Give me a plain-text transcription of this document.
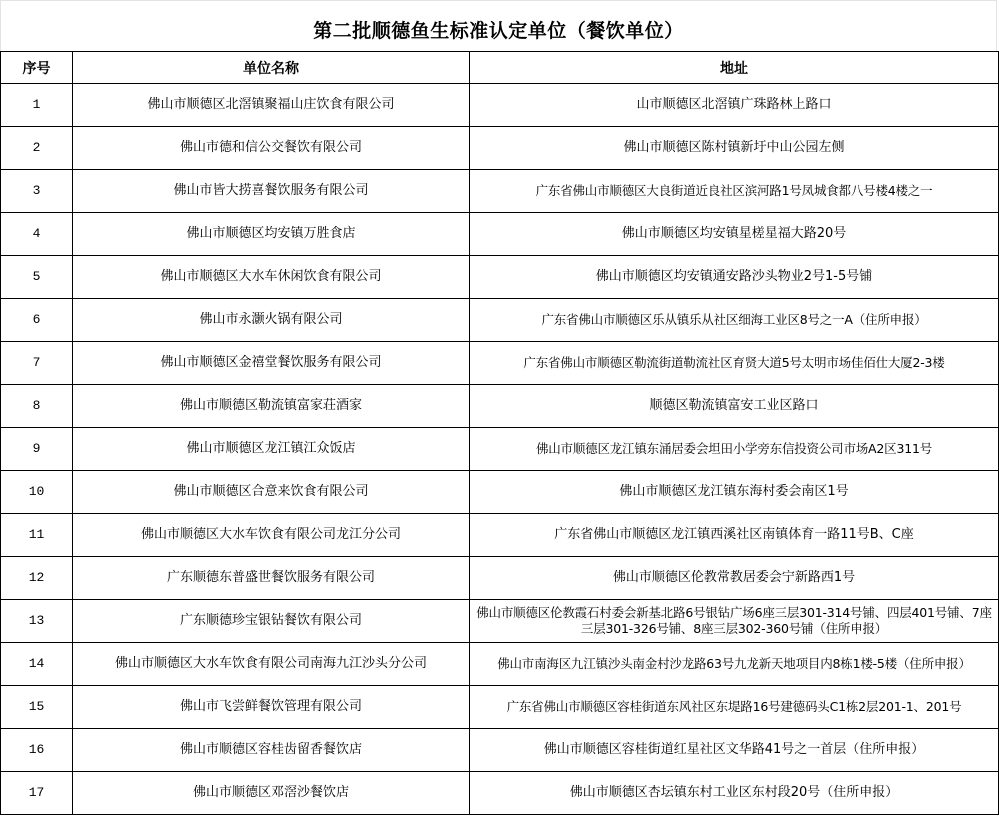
第二批顺德鱼生标准认定单位（餐饮单位）
序号	单位名称	地址
1	佛山市顺德区北滘镇聚福山庄饮食有限公司	山市顺德区北滘镇广珠路林上路口
2	佛山市德和信公交餐饮有限公司	佛山市顺德区陈村镇新圩中山公园左侧
3	佛山市皆大捞喜餐饮服务有限公司	广东省佛山市顺德区大良街道近良社区滨河路1号凤城食都八号楼4楼之一
4	佛山市顺德区均安镇万胜食店	佛山市顺德区均安镇星槎星福大路20号
5	佛山市顺德区大水车休闲饮食有限公司	佛山市顺德区均安镇通安路沙头物业2号1-5号铺
6	佛山市永灏火锅有限公司	广东省佛山市顺德区乐从镇乐从社区细海工业区8号之一A（住所申报）
7	佛山市顺德区金禧堂餐饮服务有限公司	广东省佛山市顺德区勒流街道勒流社区育贤大道5号太明市场佳佰仕大厦2-3楼
8	佛山市顺德区勒流镇富家荘酒家	顺德区勒流镇富安工业区路口
9	佛山市顺德区龙江镇江众饭店	佛山市顺德区龙江镇东涌居委会坦田小学旁东信投资公司市场A2区311号
10	佛山市顺德区合意来饮食有限公司	佛山市顺德区龙江镇东海村委会南区1号
11	佛山市顺德区大水车饮食有限公司龙江分公司	广东省佛山市顺德区龙江镇西溪社区南镇体育一路11号B、C座
12	广东顺德东普盛世餐饮服务有限公司	佛山市顺德区伦教常教居委会宁新路西1号
13	广东顺德珍宝银钻餐饮有限公司	佛山市顺德区伦教霞石村委会新基北路6号银钻广场6座三层301-314号铺、四层401号铺、7座三层301-326号铺、8座三层302-360号铺（住所申报）
14	佛山市顺德区大水车饮食有限公司南海九江沙头分公司	佛山市南海区九江镇沙头南金村沙龙路63号九龙新天地项目内8栋1楼-5楼（住所申报）
15	佛山市飞尝鲜餐饮管理有限公司	广东省佛山市顺德区容桂街道东风社区东堤路16号建德码头C1栋2层201-1、201号
16	佛山市顺德区容桂齿留香餐饮店	佛山市顺德区容桂街道红星社区文华路41号之一首层（住所申报）
17	佛山市顺德区邓滘沙餐饮店	佛山市顺德区杏坛镇东村工业区东村段20号（住所申报）
